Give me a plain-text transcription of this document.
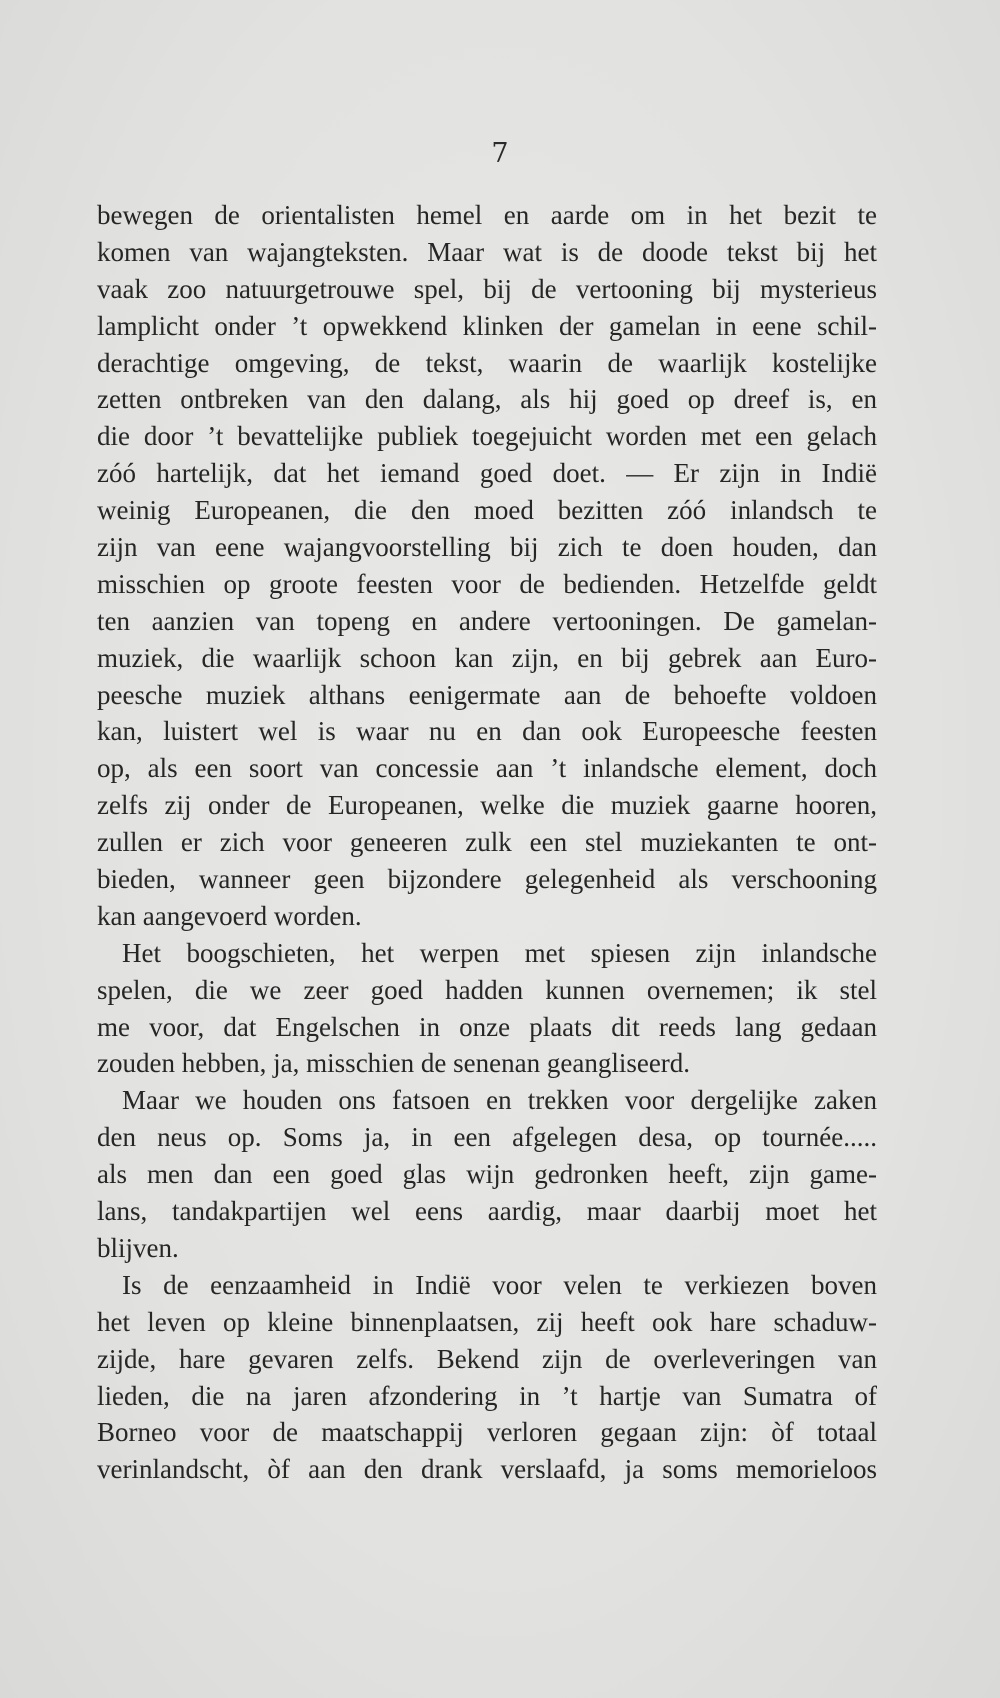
7
bewegen de orientalisten hemel en aarde om in het bezit te
komen van wajangteksten. Maar wat is de doode tekst bij het
vaak zoo natuurgetrouwe spel, bij de vertooning bij mysterieus
lamplicht onder ’t opwekkend klinken der gamelan in eene schil-
derachtige omgeving, de tekst, waarin de waarlijk kostelijke
zetten ontbreken van den dalang, als hij goed op dreef is, en
die door ’t bevattelijke publiek toegejuicht worden met een gelach
zóó hartelijk, dat het iemand goed doet. — Er zijn in Indië
weinig Europeanen, die den moed bezitten zóó inlandsch te
zijn van eene wajangvoorstelling bij zich te doen houden, dan
misschien op groote feesten voor de bedienden. Hetzelfde geldt
ten aanzien van topeng en andere vertooningen. De gamelan-
muziek, die waarlijk schoon kan zijn, en bij gebrek aan Euro-
peesche muziek althans eenigermate aan de behoefte voldoen
kan, luistert wel is waar nu en dan ook Europeesche feesten
op, als een soort van concessie aan ’t inlandsche element, doch
zelfs zij onder de Europeanen, welke die muziek gaarne hooren,
zullen er zich voor geneeren zulk een stel muziekanten te ont-
bieden, wanneer geen bijzondere gelegenheid als verschooning
kan aangevoerd worden.
Het boogschieten, het werpen met spiesen zijn inlandsche
spelen, die we zeer goed hadden kunnen overnemen; ik stel
me voor, dat Engelschen in onze plaats dit reeds lang gedaan
zouden hebben, ja, misschien de senenan geangliseerd.
Maar we houden ons fatsoen en trekken voor dergelijke zaken
den neus op. Soms ja, in een afgelegen desa, op tournée.....
als men dan een goed glas wijn gedronken heeft, zijn game-
lans, tandakpartijen wel eens aardig, maar daarbij moet het
blijven.
Is de eenzaamheid in Indië voor velen te verkiezen boven
het leven op kleine binnenplaatsen, zij heeft ook hare schaduw-
zijde, hare gevaren zelfs. Bekend zijn de overleveringen van
lieden, die na jaren afzondering in ’t hartje van Sumatra of
Borneo voor de maatschappij verloren gegaan zijn: òf totaal
verinlandscht, òf aan den drank verslaafd, ja soms memorieloos
